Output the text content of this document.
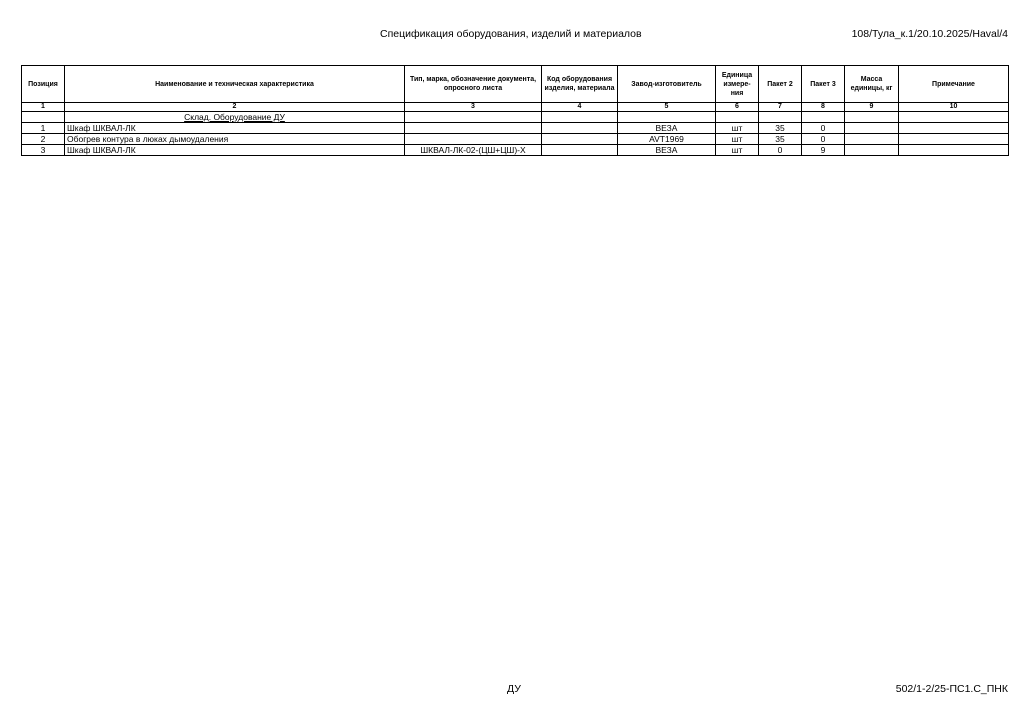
Спецификация оборудования, изделий и материалов	108/Тула_к.1/20.10.2025/Haval/4
Позиция	Наименование и техническая характеристика	Тип, марка, обозначение документа, опросного листа	Код оборудования изделия, материала	Завод-изготовитель	Единица измере-ния	Пакет 2	Пакет 3	Масса единицы, кг	Примечание
1	2	3	4	5	6	7	8	9	10
	Склад. Оборудование ДУ								
1	Шкаф ШКВАЛ-ЛК			ВЕЗА	шт	35	0		
2	Обогрев контура в люках дымоудаления			AVT1969	шт	35	0		
3	Шкаф ШКВАЛ-ЛК	ШКВАЛ-ЛК-02-(ЦШ+ЦШ)-Х		ВЕЗА	шт	0	9		
ДУ	502/1-2/25-ПС1.С_ПНК
